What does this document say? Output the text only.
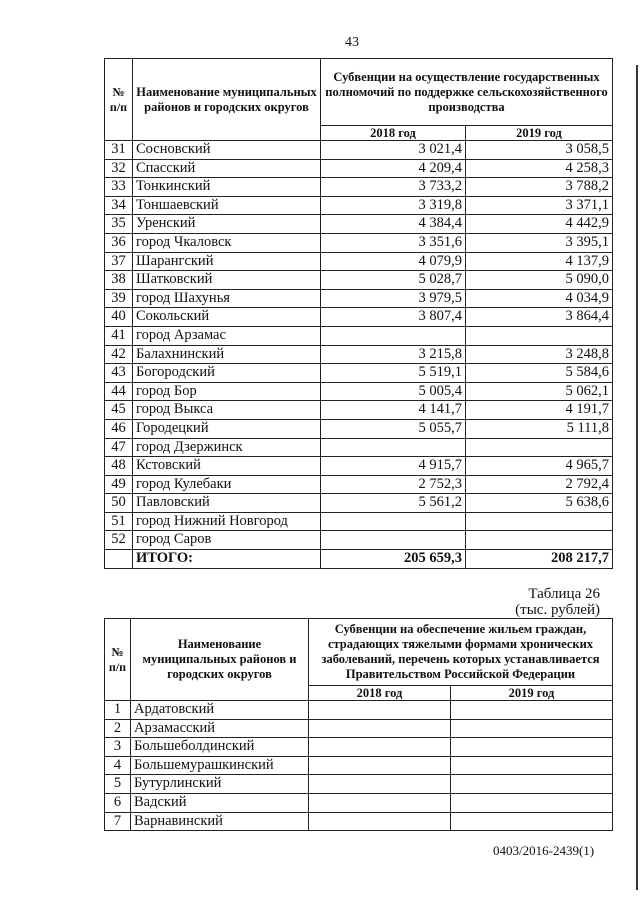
43
№ п/п	Наименование муниципальных районов и городских округов	Субвенции на осуществление государственных полномочий по поддержке сельскохозяйственного производства	
		2018 год	2019 год
31	Сосновский	3 021,4	3 058,5
32	Спасский	4 209,4	4 258,3
33	Тонкинский	3 733,2	3 788,2
34	Тоншаевский	3 319,8	3 371,1
35	Уренский	4 384,4	4 442,9
36	город Чкаловск	3 351,6	3 395,1
37	Шарангский	4 079,9	4 137,9
38	Шатковский	5 028,7	5 090,0
39	город Шахунья	3 979,5	4 034,9
40	Сокольский	3 807,4	3 864,4
41	город Арзамас		
42	Балахнинский	3 215,8	3 248,8
43	Богородский	5 519,1	5 584,6
44	город Бор	5 005,4	5 062,1
45	город Выкса	4 141,7	4 191,7
46	Городецкий	5 055,7	5 111,8
47	город Дзержинск		
48	Кстовский	4 915,7	4 965,7
49	город Кулебаки	2 752,3	2 792,4
50	Павловский	5 561,2	5 638,6
51	город Нижний Новгород		
52	город Саров		
	ИТОГО:	205 659,3	208 217,7
Таблица 26
(тыс. рублей)
№ п/п	Наименование муниципальных районов и городских округов	Субвенции на обеспечение жильем граждан, страдающих тяжелыми формами хронических заболеваний, перечень которых устанавливается Правительством Российской Федерации	
		2018 год	2019 год
1	Ардатовский		
2	Арзамасский		
3	Большеболдинский		
4	Большемурашкинский		
5	Бутурлинский		
6	Вадский		
7	Варнавинский		
0403/2016-2439(1)
